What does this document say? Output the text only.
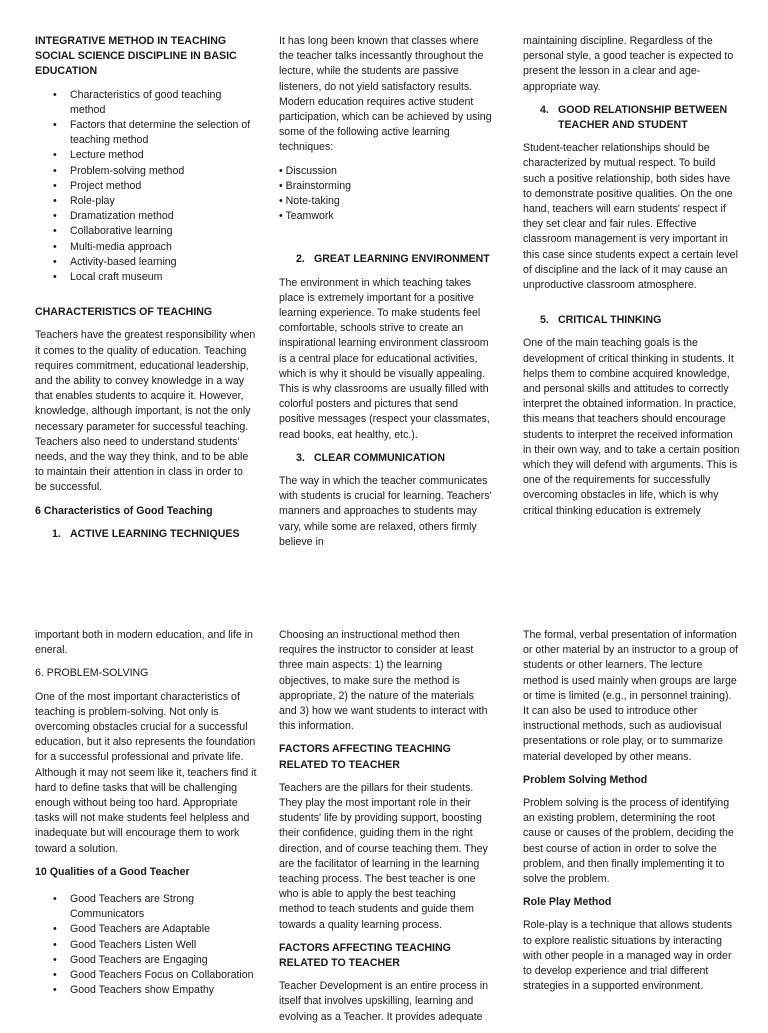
INTEGRATIVE METHOD IN TEACHING SOCIAL SCIENCE DISCIPLINE IN BASIC EDUCATION
• Characteristics of good teaching method
• Factors that determine the selection of teaching method
• Lecture method
• Problem-solving method
• Project method
• Role-play
• Dramatization method
• Collaborative learning
• Multi-media approach
• Activity-based learning
• Local craft museum
CHARACTERISTICS OF TEACHING
Teachers have the greatest responsibility when it comes to the quality of education. Teaching requires commitment, educational leadership, and the ability to convey knowledge in a way that enables students to acquire it. However, knowledge, although important, is not the only necessary parameter for successful teaching. Teachers also need to understand students' needs, and the way they think, and to be able to maintain their attention in class in order to be successful.
6 Characteristics of Good Teaching
1. ACTIVE LEARNING TECHNIQUES
It has long been known that classes where the teacher talks incessantly throughout the lecture, while the students are passive listeners, do not yield satisfactory results. Modern education requires active student participation, which can be achieved by using some of the following active learning techniques:
• Discussion
• Brainstorming
• Note-taking
• Teamwork
2. GREAT LEARNING ENVIRONMENT
The environment in which teaching takes place is extremely important for a positive learning experience. To make students feel comfortable, schools strive to create an inspirational learning environment classroom is a central place for educational activities, which is why it should be visually appealing. This is why classrooms are usually filled with colorful posters and pictures that send positive messages (respect your classmates, read books, eat healthy, etc.).
3. CLEAR COMMUNICATION
The way in which the teacher communicates with students is crucial for learning. Teachers' manners and approaches to students may vary, while some are relaxed, others firmly believe in
maintaining discipline. Regardless of the personal style, a good teacher is expected to present the lesson in a clear and age-appropriate way.
4. GOOD RELATIONSHIP BETWEEN TEACHER AND STUDENT
Student-teacher relationships should be characterized by mutual respect. To build such a positive relationship, both sides have to demonstrate positive qualities. On the one hand, teachers will earn students' respect if they set clear and fair rules. Effective classroom management is very important in this case since students expect a certain level of discipline and the lack of it may cause an unproductive classroom atmosphere.
5. CRITICAL THINKING
One of the main teaching goals is the development of critical thinking in students. It helps them to combine acquired knowledge, and personal skills and attitudes to correctly interpret the obtained information. In practice, this means that teachers should encourage students to interpret the received information in their own way, and to take a certain position which they will defend with arguments. This is one of the requirements for successfully overcoming obstacles in life, which is why critical thinking education is extremely
important both in modern education, and life in eneral.
6. PROBLEM-SOLVING
One of the most important characteristics of teaching is problem-solving. Not only is overcoming obstacles crucial for a successful education, but it also represents the foundation for a successful professional and private life. Although it may not seem like it, teachers find it hard to define tasks that will be challenging enough without being too hard. Appropriate tasks will not make students feel helpless and inadequate but will encourage them to work toward a solution.
10 Qualities of a Good Teacher
• Good Teachers are Strong Communicators
• Good Teachers are Adaptable
• Good Teachers Listen Well
• Good Teachers are Engaging
• Good Teachers Focus on Collaboration
• Good Teachers show Empathy
Choosing an instructional method then requires the instructor to consider at least three main aspects: 1) the learning objectives, to make sure the method is appropriate, 2) the nature of the materials and 3) how we want students to interact with this information.
FACTORS AFFECTING TEACHING RELATED TO TEACHER
Teachers are the pillars for their students. They play the most important role in their students' life by providing support, boosting their confidence, guiding them in the right direction, and of course teaching them. They are the facilitator of learning in the learning teaching process. The best teacher is one who is able to apply the best teaching method to teach students and guide them towards a quality learning process.
FACTORS AFFECTING TEACHING RELATED TO TEACHER
Teacher Development is an entire process in itself that involves upskilling, learning and evolving as a Teacher. It provides adequate
The formal, verbal presentation of information or other material by an instructor to a group of students or other learners. The lecture method is used mainly when groups are large or time is limited (e.g., in personnel training). It can also be used to introduce other instructional methods, such as audiovisual presentations or role play, or to summarize material developed by other means.
Problem Solving Method
Problem solving is the process of identifying an existing problem, determining the root cause or causes of the problem, deciding the best course of action in order to solve the problem, and then finally implementing it to solve the problem.
Role Play Method
Role-play is a technique that allows students to explore realistic situations by interacting with other people in a managed way in order to develop experience and trial different strategies in a supported environment.
